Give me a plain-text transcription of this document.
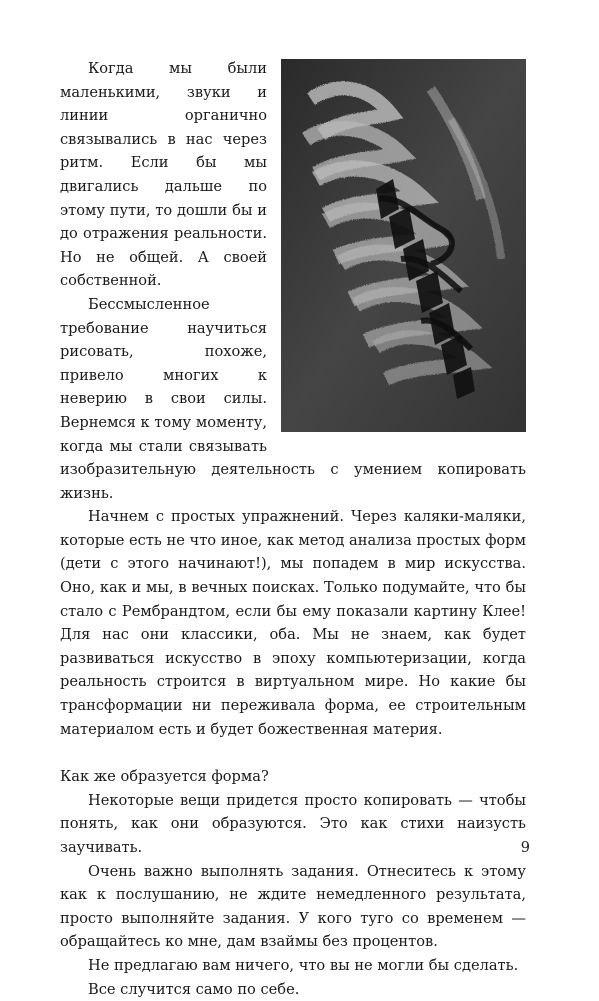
Когда мы были маленькими, звуки и линии органично связывались в нас через ритм. Если бы мы двигались дальше по этому пути, то дошли бы и до отражения реальности. Но не общей. А своей собственной.

Бессмысленное требование научиться рисовать, похоже, привело многих к неверию в свои силы. Вернемся к тому моменту, когда мы стали связывать изобразительную деятельность с умением копировать жизнь.

Начнем с простых упражнений. Через каляки-маляки, которые есть не что иное, как метод анализа простых форм (дети с этого начинают!), мы попадем в мир искусства. Оно, как и мы, в вечных поисках. Только подумайте, что бы стало с Рембрандтом, если бы ему показали картину Клее! Для нас они классики, оба. Мы не знаем, как будет развиваться искусство в эпоху компьютеризации, когда реальность строится в виртуальном мире. Но какие бы трансформации ни переживала форма, ее строительным материалом есть и будет божественная материя.

Как же образуется форма?

Некоторые вещи придется просто копировать — чтобы понять, как они образуются. Это как стихи наизусть заучивать.

Очень важно выполнять задания. Отнеситесь к этому как к послушанию, не ждите немедленного результата, просто выполняйте задания. У кого туго со временем — обращайтесь ко мне, дам взаймы без процентов.

Не предлагаю вам ничего, что вы не могли бы сделать.

Все случится само по себе.

9
